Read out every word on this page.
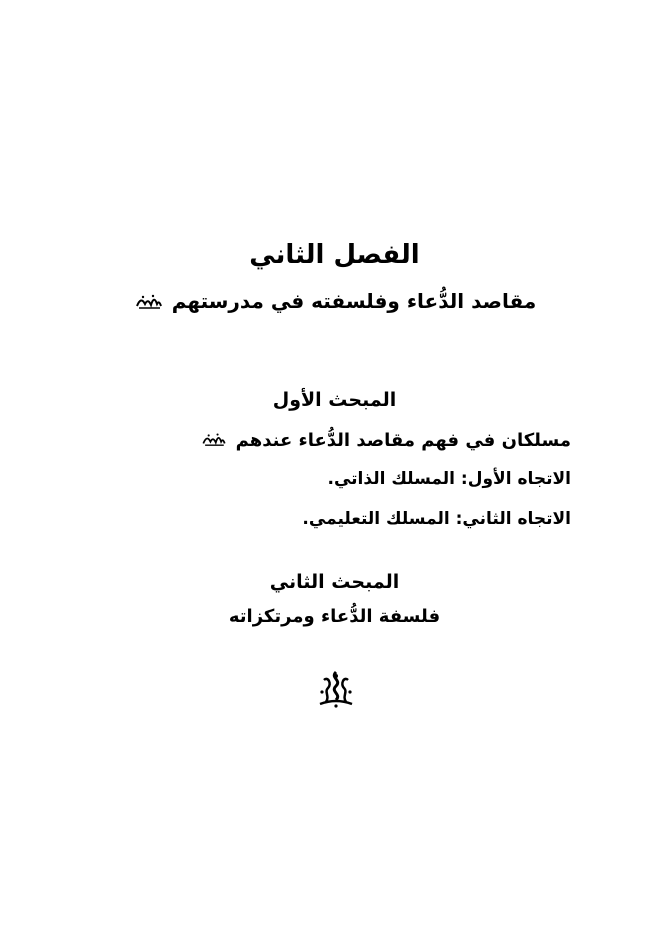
الفصل الثاني
مقاصد الدُّعاء وفلسفته في مدرستهم
المبحث الأول
مسلكان في فهم مقاصد الدُّعاء عندهم
الاتجاه الأول: المسلك الذاتي.
الاتجاه الثاني: المسلك التعليمي.
المبحث الثاني
فلسفة الدُّعاء ومرتكزاته
